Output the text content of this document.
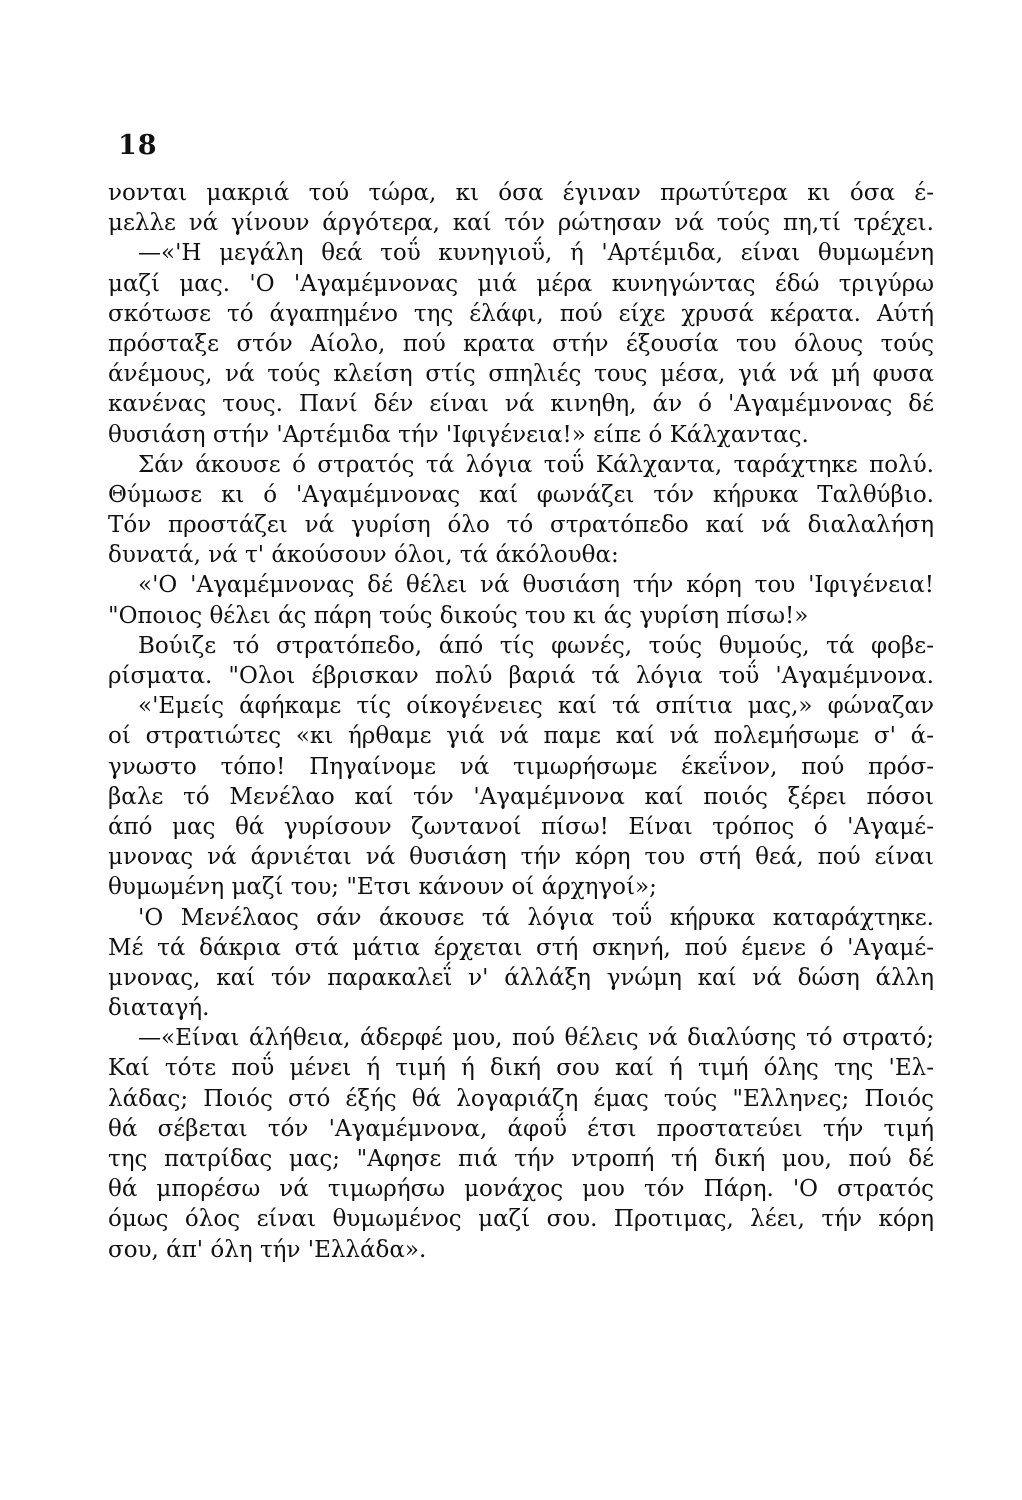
18
νονται μακριά τού τώρα, κι όσα έγιναν πρωτύτερα κι όσα έ-
μελλε νά γίνουν άργότερα, καί τόν ρώτησαν νά τούς πη,τί τρέχει.
—«'Η μεγάλη θεά τοΰ κυνηγιοΰ, ή 'Αρτέμιδα, είναι θυμωμένη
μαζί μας. 'Ο 'Αγαμέμνονας μιά μέρα κυνηγώντας έδώ τριγύρω
σκότωσε τό άγαπημένο της έλάφι, πού είχε χρυσά κέρατα. Αύτή
πρόσταξε στόν Αίολο, πού κρατα στήν έξουσία του όλους τούς
άνέμους, νά τούς κλείση στίς σπηλιές τους μέσα, γιά νά μή φυσα
κανένας τους. Πανί δέν είναι νά κινηθη, άν ό 'Αγαμέμνονας δέ
θυσιάση στήν 'Αρτέμιδα τήν 'Ιφιγένεια!» είπε ό Κάλχαντας.
Σάν άκουσε ό στρατός τά λόγια τοΰ Κάλχαντα, ταράχτηκε πολύ.
Θύμωσε κι ό 'Αγαμέμνονας καί φωνάζει τόν κήρυκα Ταλθύβιο.
Τόν προστάζει νά γυρίση όλο τό στρατόπεδο καί νά διαλαλήση
δυνατά, νά τ' άκούσουν όλοι, τά άκόλουθα:
«'Ο 'Αγαμέμνονας δέ θέλει νά θυσιάση τήν κόρη του 'Ιφιγένεια!
"Οποιος θέλει άς πάρη τούς δικούς του κι άς γυρίση πίσω!»
Βούιζε τό στρατόπεδο, άπό τίς φωνές, τούς θυμούς, τά φοβε-
ρίσματα. "Ολοι έβρισκαν πολύ βαριά τά λόγια τοΰ 'Αγαμέμνονα.
«'Εμείς άφήκαμε τίς οίκογένειες καί τά σπίτια μας,» φώναζαν
οί στρατιώτες «κι ήρθαμε γιά νά παμε καί νά πολεμήσωμε σ' ά-
γνωστο τόπο! Πηγαίνομε νά τιμωρήσωμε έκεΐνον, πού πρόσ-
βαλε τό Μενέλαο καί τόν 'Αγαμέμνονα καί ποιός ξέρει πόσοι
άπό μας θά γυρίσουν ζωντανοί πίσω! Είναι τρόπος ό 'Αγαμέ-
μνονας νά άρνιέται νά θυσιάση τήν κόρη του στή θεά, πού είναι
θυμωμένη μαζί του; "Ετσι κάνουν οί άρχηγοί»;
'Ο Μενέλαος σάν άκουσε τά λόγια τοΰ κήρυκα καταράχτηκε.
Μέ τά δάκρια στά μάτια έρχεται στή σκηνή, πού έμενε ό 'Αγαμέ-
μνονας, καί τόν παρακαλεΐ ν' άλλάξη γνώμη καί νά δώση άλλη
διαταγή.
—«Είναι άλήθεια, άδερφέ μου, πού θέλεις νά διαλύσης τό στρατό;
Καί τότε ποΰ μένει ή τιμή ή δική σου καί ή τιμή όλης της 'Ελ-
λάδας; Ποιός στό έξής θά λογαριάζη έμας τούς "Ελληνες; Ποιός
θά σέβεται τόν 'Αγαμέμνονα, άφοΰ έτσι προστατεύει τήν τιμή
της πατρίδας μας; "Αφησε πιά τήν ντροπή τή δική μου, πού δέ
θά μπορέσω νά τιμωρήσω μονάχος μου τόν Πάρη. 'Ο στρατός
όμως όλος είναι θυμωμένος μαζί σου. Προτιμας, λέει, τήν κόρη
σου, άπ' όλη τήν 'Ελλάδα».
